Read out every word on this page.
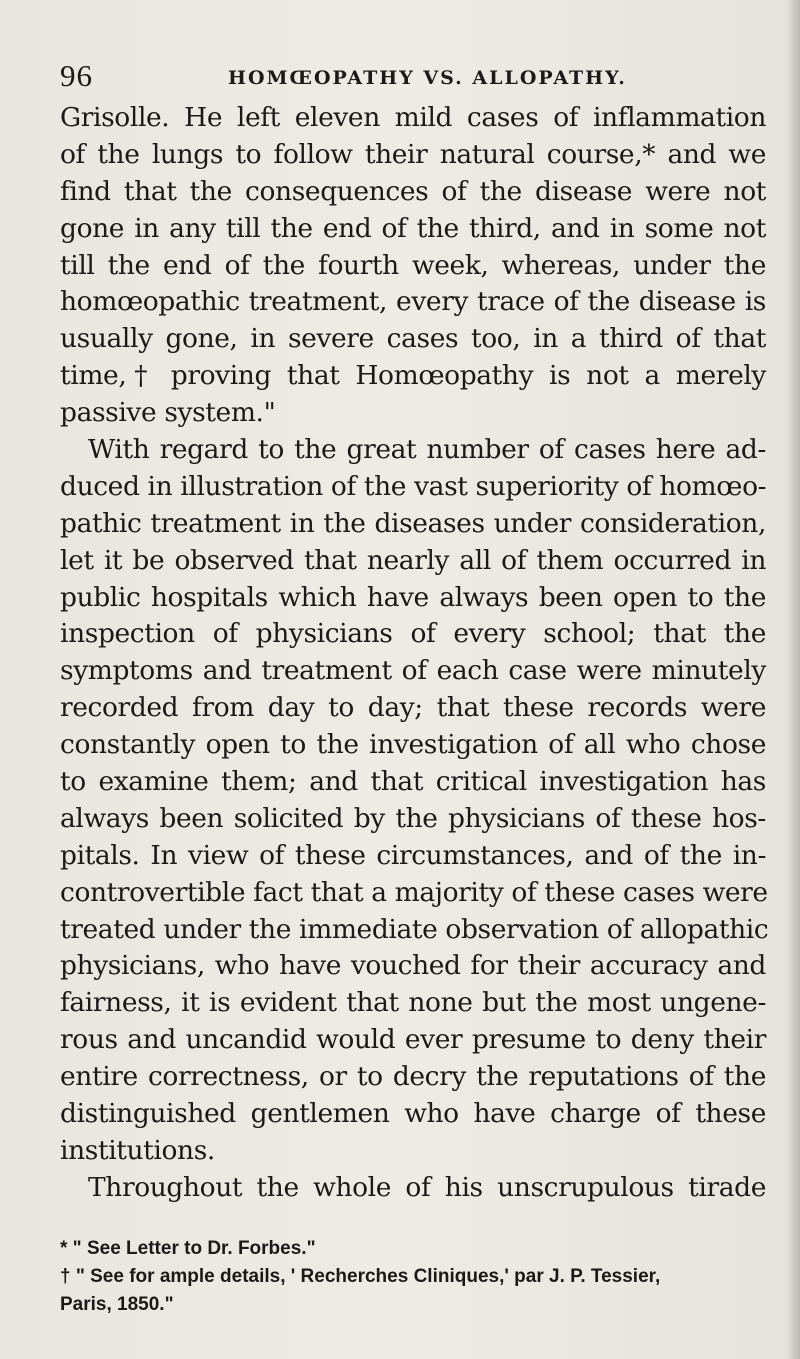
96	HOMŒOPATHY VS. ALLOPATHY.
Grisolle. He left eleven mild cases of inflammation
of the lungs to follow their natural course,* and we
find that the consequences of the disease were not
gone in any till the end of the third, and in some not
till the end of the fourth week, whereas, under the
homœopathic treatment, every trace of the disease is
usually gone, in severe cases too, in a third of that
time,† proving that Homœopathy is not a merely
passive system."
With regard to the great number of cases here ad-
duced in illustration of the vast superiority of homœo-
pathic treatment in the diseases under consideration,
let it be observed that nearly all of them occurred in
public hospitals which have always been open to the
inspection of physicians of every school; that the
symptoms and treatment of each case were minutely
recorded from day to day; that these records were
constantly open to the investigation of all who chose
to examine them; and that critical investigation has
always been solicited by the physicians of these hos-
pitals. In view of these circumstances, and of the in-
controvertible fact that a majority of these cases were
treated under the immediate observation of allopathic
physicians, who have vouched for their accuracy and
fairness, it is evident that none but the most ungene-
rous and uncandid would ever presume to deny their
entire correctness, or to decry the reputations of the
distinguished gentlemen who have charge of these
institutions.
Throughout the whole of his unscrupulous tirade
* " See Letter to Dr. Forbes."
† " See for ample details, ' Recherches Cliniques,' par J. P. Tessier,
Paris, 1850."
